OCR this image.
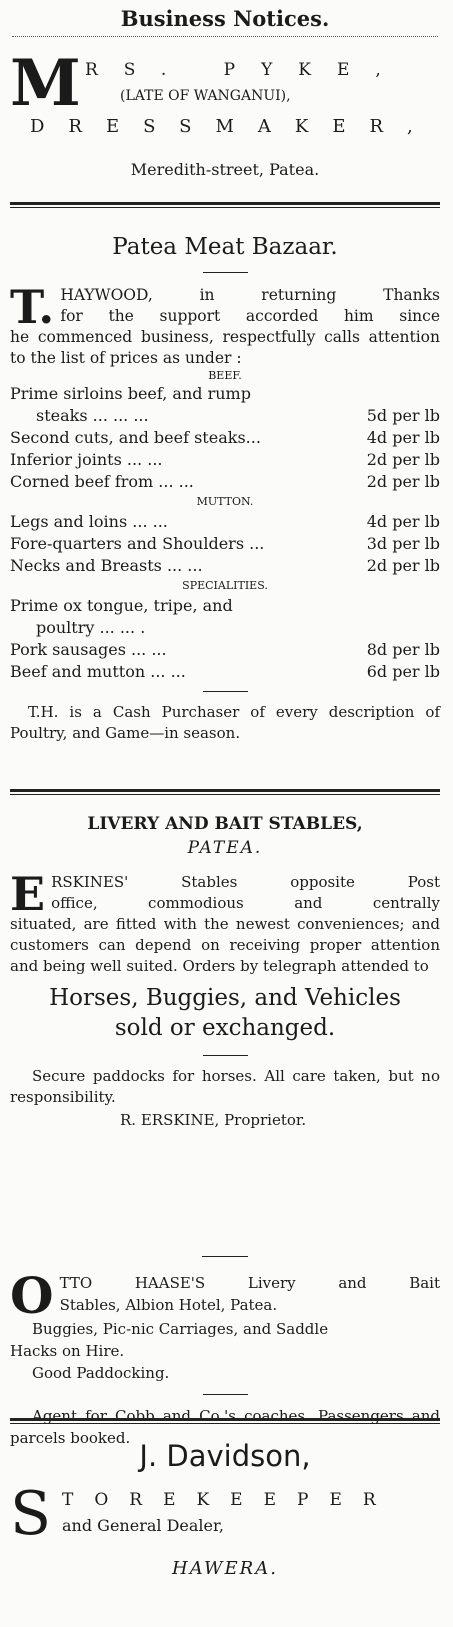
Business Notices.
M RS. PYKE,
(LATE OF WANGANUI),
DRESSMAKER,
Meredith-street, Patea.
Patea Meat Bazaar.
T. HAYWOOD, in returning Thanks
for the support accorded him since
he commenced business, respectfully calls attention to the list of prices as under :
BEEF.
Prime sirloins beef, and rump
steaks ... ... ...	5d per lb
Second cuts, and beef steaks...	4d per lb
Inferior joints ... ...	2d per lb
Corned beef from ... ...	2d per lb
MUTTON.
Legs and loins ... ...	4d per lb
Fore-quarters and Shoulders ...	3d per lb
Necks and Breasts ... ...	2d per lb
SPECIALITIES.
Prime ox tongue, tripe, and
poultry ... ... .
Pork sausages ... ...	8d per lb
Beef and mutton ... ...	6d per lb
T.H. is a Cash Purchaser of every description of Poultry, and Game—in season.
LIVERY AND BAIT STABLES,
PATEA.
E RSKINES' Stables opposite Post
office, commodious and centrally
situated, are fitted with the newest conveniences; and customers can depend on receiving proper attention and being well suited. Orders by telegraph attended to
Horses, Buggies, and Vehicles
sold or exchanged.
Secure paddocks for horses. All care taken, but no responsibility.
R. ERSKINE, Proprietor.
O TTO HAASE'S Livery and Bait
Stables, Albion Hotel, Patea.
Buggies, Pic-nic Carriages, and Saddle
Hacks on Hire.
Good Paddocking.
Agent for Cobb and Co.'s coaches. Passengers and parcels booked.
J. Davidson,
S TOREKEEPER
and General Dealer,
HAWERA.
